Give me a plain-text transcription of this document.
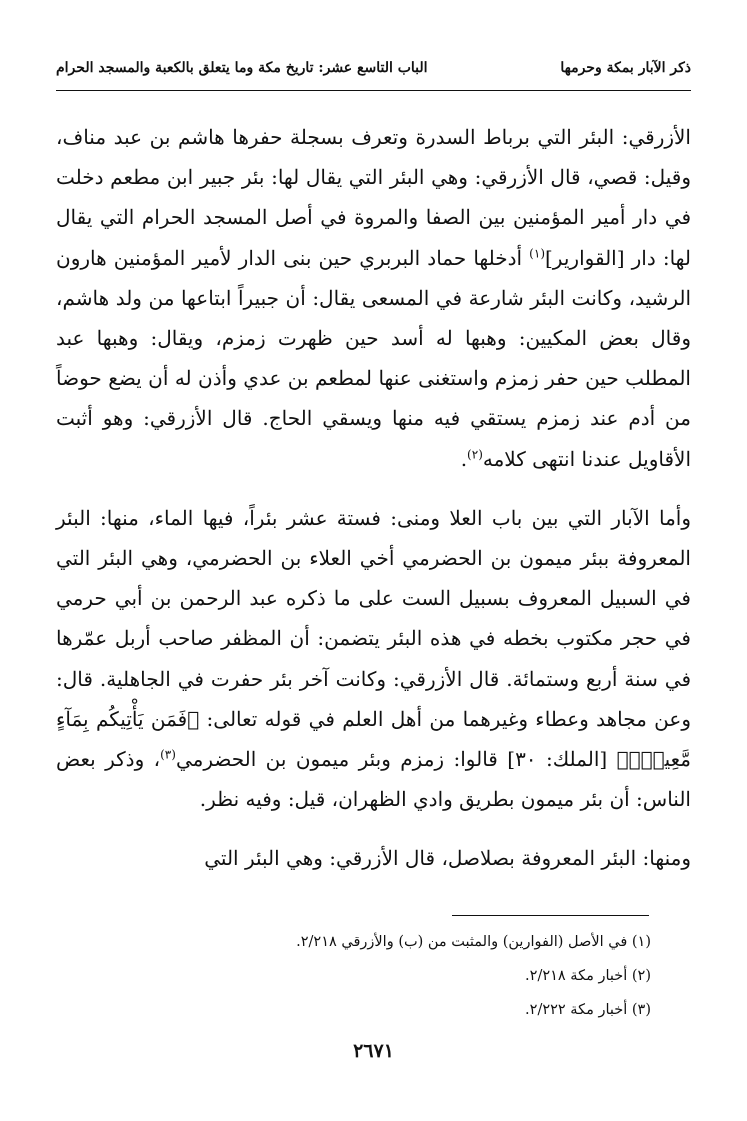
ذكر الآبار بمكة وحرمها
الباب التاسع عشر: تاريخ مكة وما يتعلق بالكعبة والمسجد الحرام

الأزرقي: البئر التي برباط السدرة وتعرف بسجلة حفرها هاشم بن عبد مناف، وقيل: قصي، قال الأزرقي: وهي البئر التي يقال لها: بئر جبير ابن مطعم دخلت في دار أمير المؤمنين بين الصفا والمروة في أصل المسجد الحرام التي يقال لها: دار [القوارير]$^{(١)}$ أدخلها حماد البربري حين بنى الدار لأمير المؤمنين هارون الرشيد، وكانت البئر شارعة في المسعى يقال: أن جبيراً ابتاعها من ولد هاشم، وقال بعض المكيين: وهبها له أسد حين ظهرت زمزم، ويقال: وهبها عبد المطلب حين حفر زمزم واستغنى عنها لمطعم بن عدي وأذن له أن يضع حوضاً من أدم عند زمزم يستقي فيه منها ويسقي الحاج. قال الأزرقي: وهو أثبت الأقاويل عندنا انتهى كلامه$^{(٢)}$.

وأما الآبار التي بين باب العلا ومنى: فستة عشر بئراً، فيها الماء، منها: البئر المعروفة ببئر ميمون بن الحضرمي أخي العلاء بن الحضرمي، وهي البئر التي في السبيل المعروف بسبيل الست على ما ذكره عبد الرحمن بن أبي حرمي في حجر مكتوب بخطه في هذه البئر يتضمن: أن المظفر صاحب أربل عمّرها في سنة أربع وستمائة. قال الأزرقي: وكانت آخر بئر حفرت في الجاهلية. قال: وعن مجاهد وعطاء وغيرهما من أهل العلم في قوله تعالى: ﴿فَمَن يَأْتِيكُم بِمَآءٍ مَّعِينٍۭ﴾ [الملك: ٣٠] قالوا: زمزم وبئر ميمون بن الحضرمي$^{(٣)}$، وذكر بعض الناس: أن بئر ميمون بطريق وادي الظهران، قيل: وفيه نظر.

ومنها: البئر المعروفة بصلاصل، قال الأزرقي: وهي البئر التي

(١) في الأصل (الفوارين) والمثبت من (ب) والأزرقي ٢/٢١٨.
(٢) أخبار مكة ٢/٢١٨.
(٣) أخبار مكة ٢/٢٢٢.
٢٦٧١
